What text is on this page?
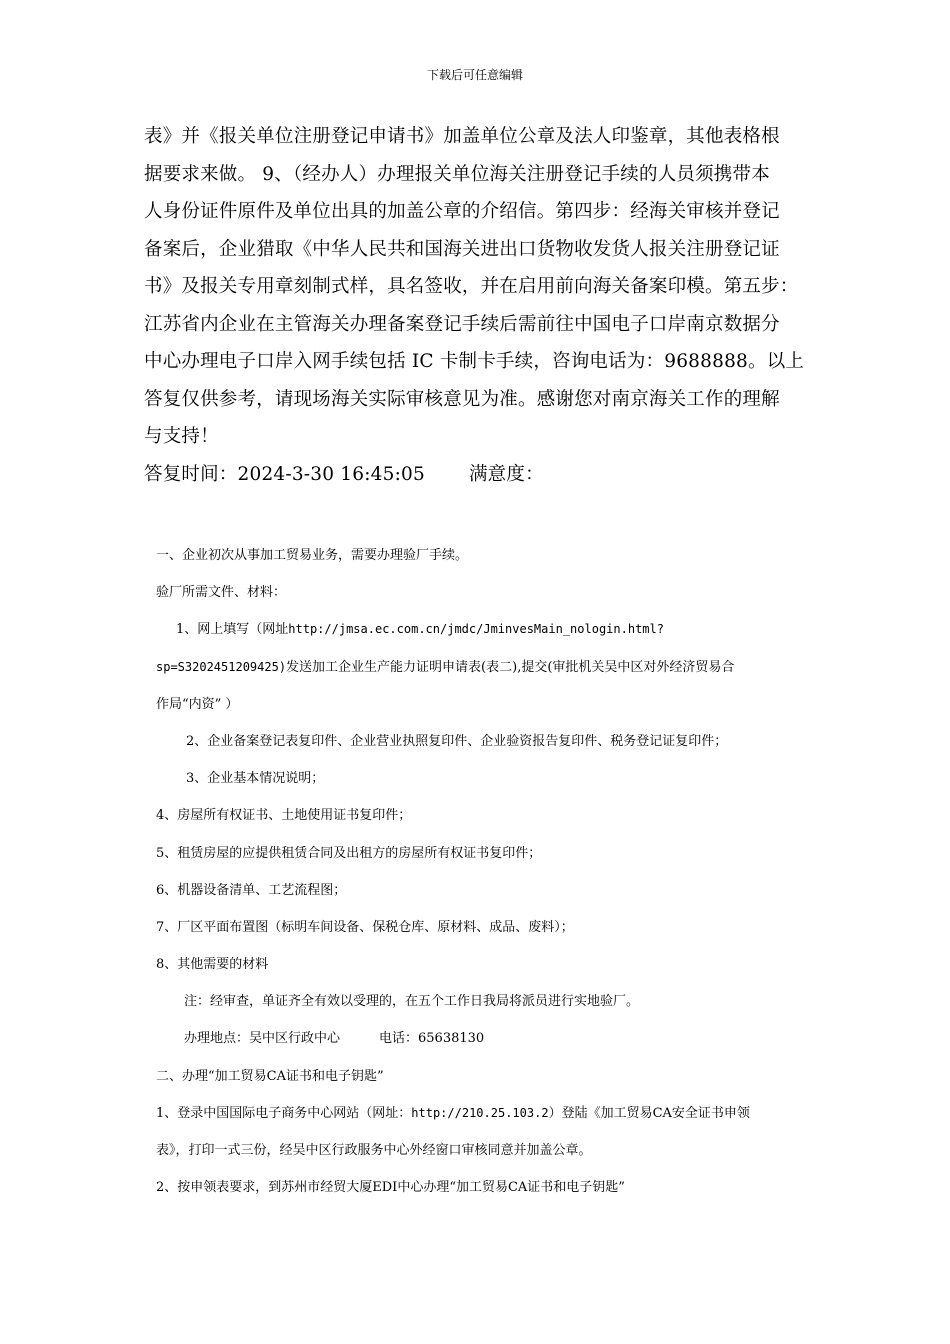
下载后可任意编辑
表》并《报关单位注册登记申请书》加盖单位公章及法人印鉴章，其他表格根
据要求来做。 9、（经办人）办理报关单位海关注册登记手续的人员须携带本
人身份证件原件及单位出具的加盖公章的介绍信。第四步：经海关审核并登记
备案后，企业猎取《中华人民共和国海关进出口货物收发货人报关注册登记证
书》及报关专用章刻制式样，具名签收，并在启用前向海关备案印模。第五步：
江苏省内企业在主管海关办理备案登记手续后需前往中国电子口岸南京数据分
中心办理电子口岸入网手续包括 IC 卡制卡手续，咨询电话为：9688888。以上
答复仅供参考，请现场海关实际审核意见为准。感谢您对南京海关工作的理解
与支持！
答复时间：2024-3-30 16:45:05 满意度：
一、企业初次从事加工贸易业务，需要办理验厂手续。
验厂所需文件、材料：
1、网上填写（网址http://jmsa.ec.com.cn/jmdc/JminvesMain_nologin.html?
sp=S3202451209425)发送加工企业生产能力证明申请表(表二),提交(审批机关吴中区对外经济贸易合
作局“内资” ）
2、企业备案登记表复印件、企业营业执照复印件、企业验资报告复印件、税务登记证复印件；
3、企业基本情况说明；
4、房屋所有权证书、土地使用证书复印件；
5、租赁房屋的应提供租赁合同及出租方的房屋所有权证书复印件；
6、机器设备清单、工艺流程图；
7、厂区平面布置图（标明车间设备、保税仓库、原材料、成品、废料）；
8、其他需要的材料
注：经审查，单证齐全有效以受理的，在五个工作日我局将派员进行实地验厂。
办理地点：吴中区行政中心　　　电话：65638130
二、办理“加工贸易CA证书和电子钥匙”
1、登录中国国际电子商务中心网站（网址：http://210.25.103.2）登陆《加工贸易CA安全证书申领
表》，打印一式三份，经吴中区行政服务中心外经窗口审核同意并加盖公章。
2、按申领表要求，到苏州市经贸大厦EDI中心办理“加工贸易CA证书和电子钥匙”
